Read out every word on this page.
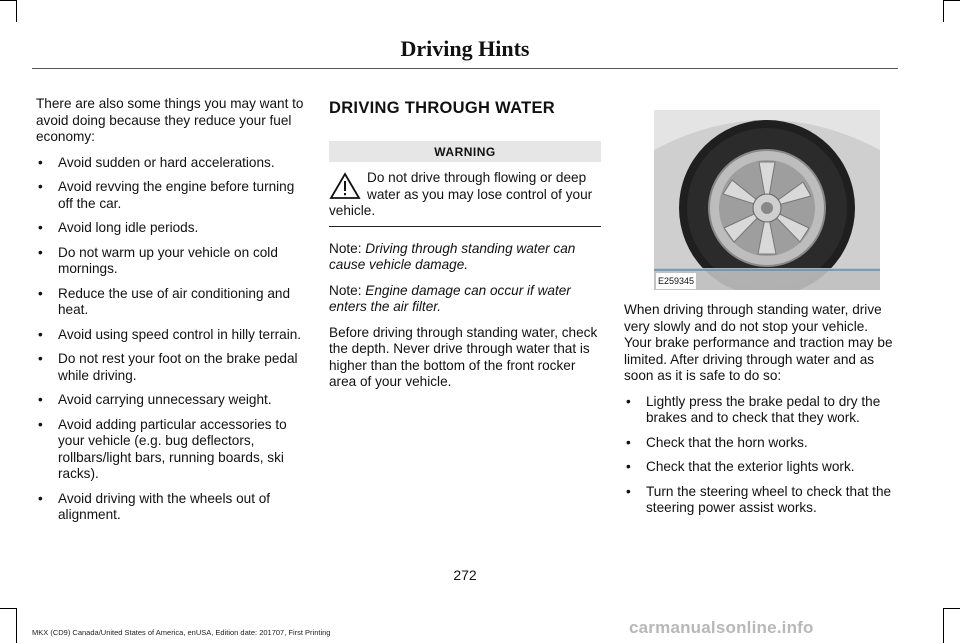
Driving Hints

There are also some things you may want to avoid doing because they reduce your fuel economy:

• Avoid sudden or hard accelerations.
• Avoid revving the engine before turning off the car.
• Avoid long idle periods.
• Do not warm up your vehicle on cold mornings.
• Reduce the use of air conditioning and heat.
• Avoid using speed control in hilly terrain.
• Do not rest your foot on the brake pedal while driving.
• Avoid carrying unnecessary weight.
• Avoid adding particular accessories to your vehicle (e.g. bug deflectors, rollbars/light bars, running boards, ski racks).
• Avoid driving with the wheels out of alignment.
DRIVING THROUGH WATER
WARNING
Do not drive through flowing or deep water as you may lose control of your vehicle.

Note: Driving through standing water can cause vehicle damage.

Note: Engine damage can occur if water enters the air filter.

Before driving through standing water, check the depth. Never drive through water that is higher than the bottom of the front rocker area of your vehicle.

E259345

When driving through standing water, drive very slowly and do not stop your vehicle. Your brake performance and traction may be limited. After driving through water and as soon as it is safe to do so:

• Lightly press the brake pedal to dry the brakes and to check that they work.
• Check that the horn works.
• Check that the exterior lights work.
• Turn the steering wheel to check that the steering power assist works.
272
MKX (CD9) Canada/United States of America, enUSA, Edition date: 201707, First Printing	carmanualsonline.info
